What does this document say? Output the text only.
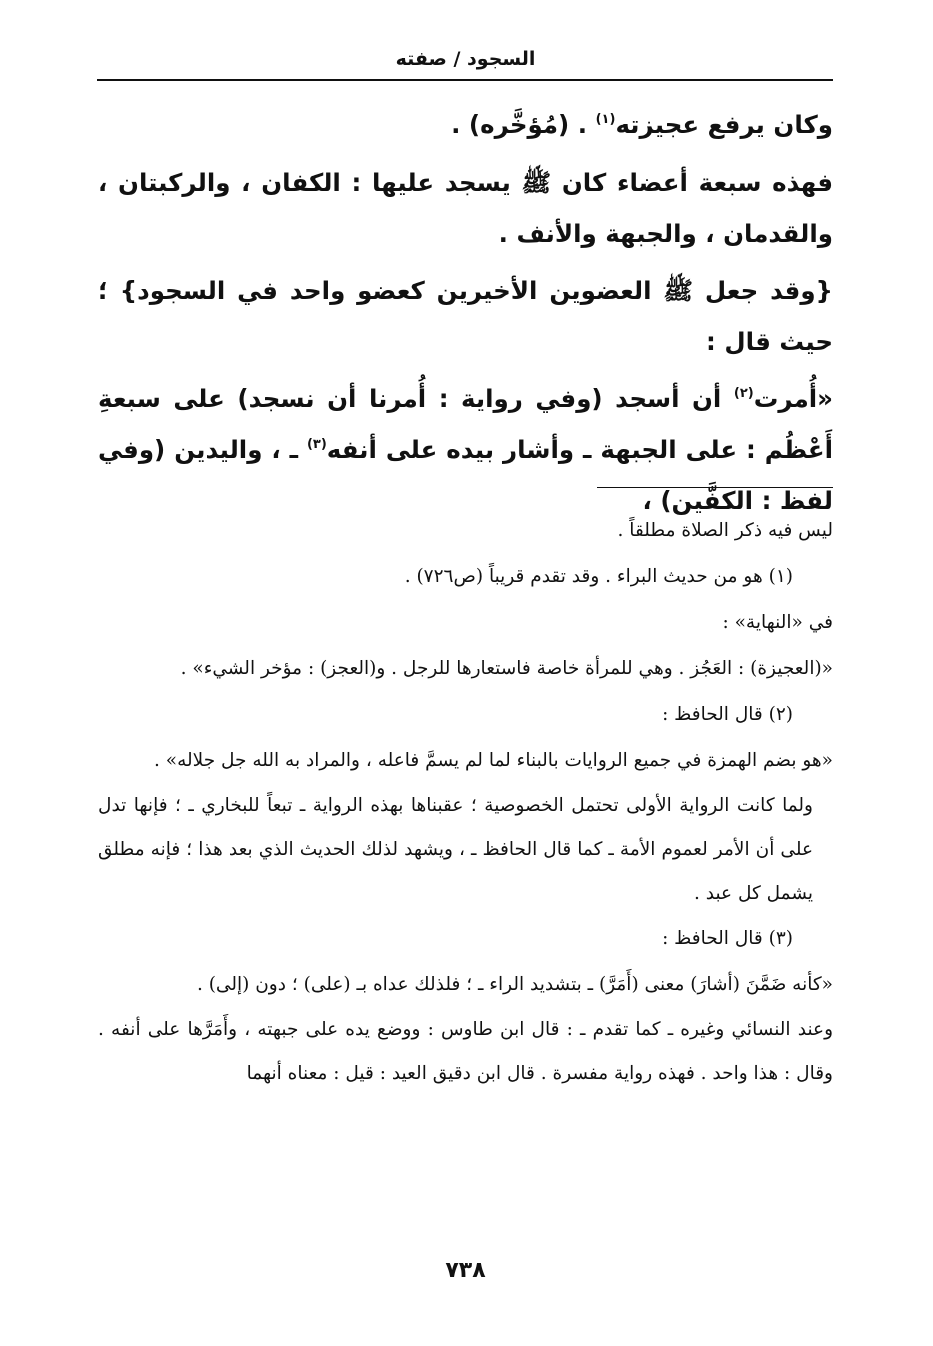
السجود / صفته

وكان يرفع عجيزته$^{(١)}$ . (مُؤخَّره) .

فهذه سبعة أعضاء كان ﷺ يسجد عليها : الكفان ، والركبتان ، والقدمان ، والجبهة والأنف .

{وقد جعل ﷺ العضوين الأخيرين كعضو واحد في السجود} ؛ حيث قال :

«أُمرت$^{(٢)}$ أن أسجد (وفي رواية : أُمرنا أن نسجد) على سبعةِ أَعْظُم : على الجبهة ـ وأشار بيده على أنفه$^{(٣)}$ ـ ، واليدين (وفي لفظ : الكفَّين) ،

ليس فيه ذكر الصلاة مطلقاً .

(١) هو من حديث البراء . وقد تقدم قريباً (ص٧٢٦) .

في «النهاية» :

«(العجيزة) : العَجُز . وهي للمرأة خاصة فاستعارها للرجل . و(العجز) : مؤخر الشيء» .

(٢) قال الحافظ :

«هو بضم الهمزة في جميع الروايات بالبناء لما لم يسمَّ فاعله ، والمراد به الله جل جلاله» .

ولما كانت الرواية الأولى تحتمل الخصوصية ؛ عقبناها بهذه الرواية ـ تبعاً للبخاري ـ ؛ فإنها تدل على أن الأمر لعموم الأمة ـ كما قال الحافظ ـ ، ويشهد لذلك الحديث الذي بعد هذا ؛ فإنه مطلق يشمل كل عبد .

(٣) قال الحافظ :

«كأنه ضَمَّنَ (أشارَ) معنى (أَمَرَّ) ـ بتشديد الراء ـ ؛ فلذلك عداه بـ (على) ؛ دون (إلى) .

وعند النسائي وغيره ـ كما تقدم ـ : قال ابن طاوس : ووضع يده على جبهته ، وأَمَرَّها على أنفه . وقال : هذا واحد . فهذه رواية مفسرة . قال ابن دقيق العيد : قيل : معناه أنهما

٧٣٨
